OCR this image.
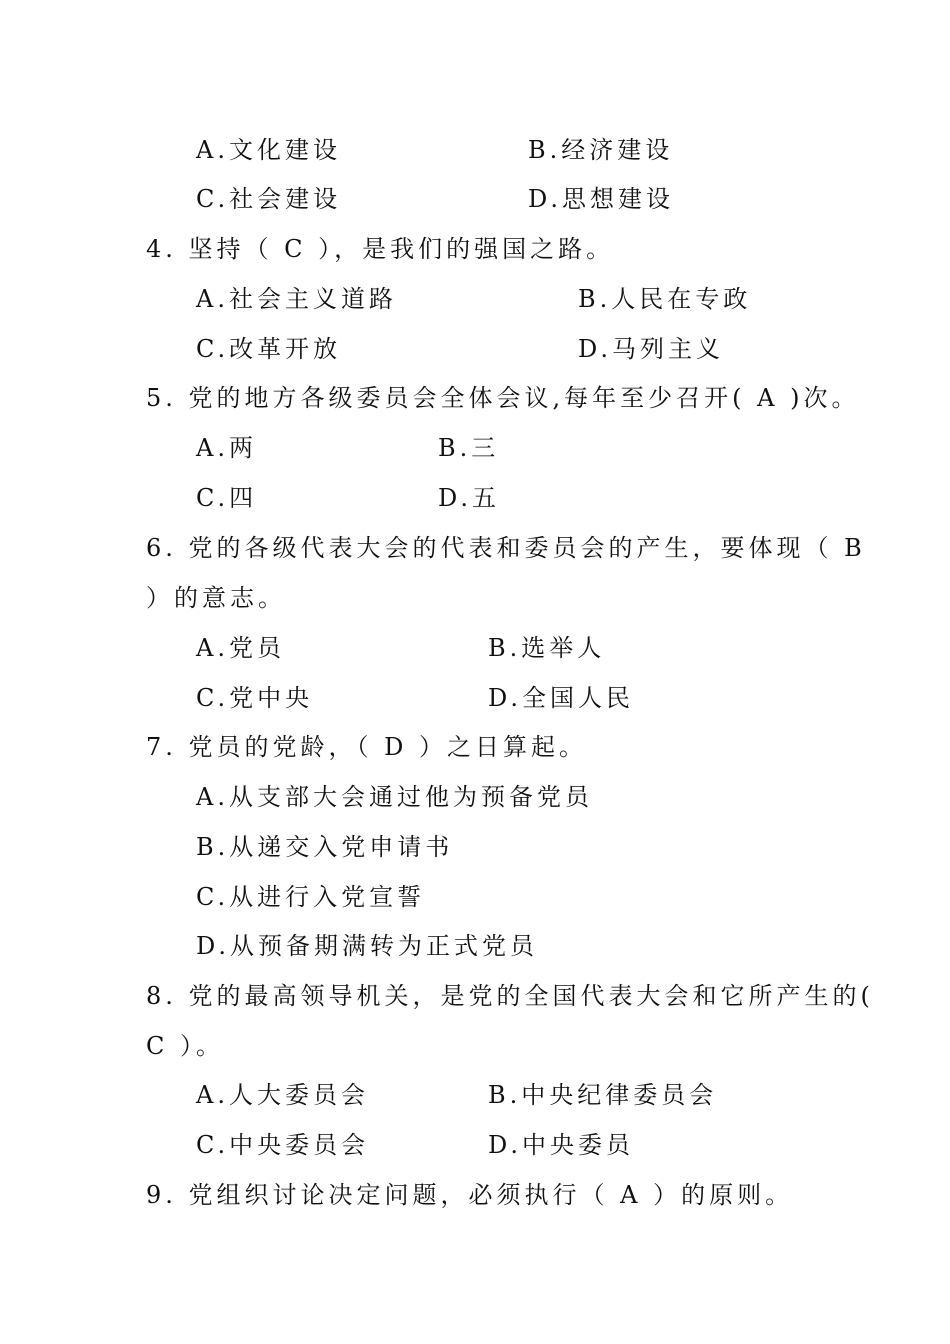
A.文化建设	B.经济建设
C.社会建设	D.思想建设
4. 坚持（ C ），是我们的强国之路。
A.社会主义道路	B.人民在专政
C.改革开放	D.马列主义
5. 党的地方各级委员会全体会议,每年至少召开( A )次。
A.两	B.三
C.四	D.五
6. 党的各级代表大会的代表和委员会的产生，要体现（ B
）的意志。
A.党员	B.选举人
C.党中央	D.全国人民
7. 党员的党龄，（ D ）之日算起。
A.从支部大会通过他为预备党员
B.从递交入党申请书
C.从进行入党宣誓
D.从预备期满转为正式党员
8. 党的最高领导机关，是党的全国代表大会和它所产生的(
C ）。
A.人大委员会	B.中央纪律委员会
C.中央委员会	D.中央委员
9. 党组织讨论决定问题，必须执行（ A ）的原则。
